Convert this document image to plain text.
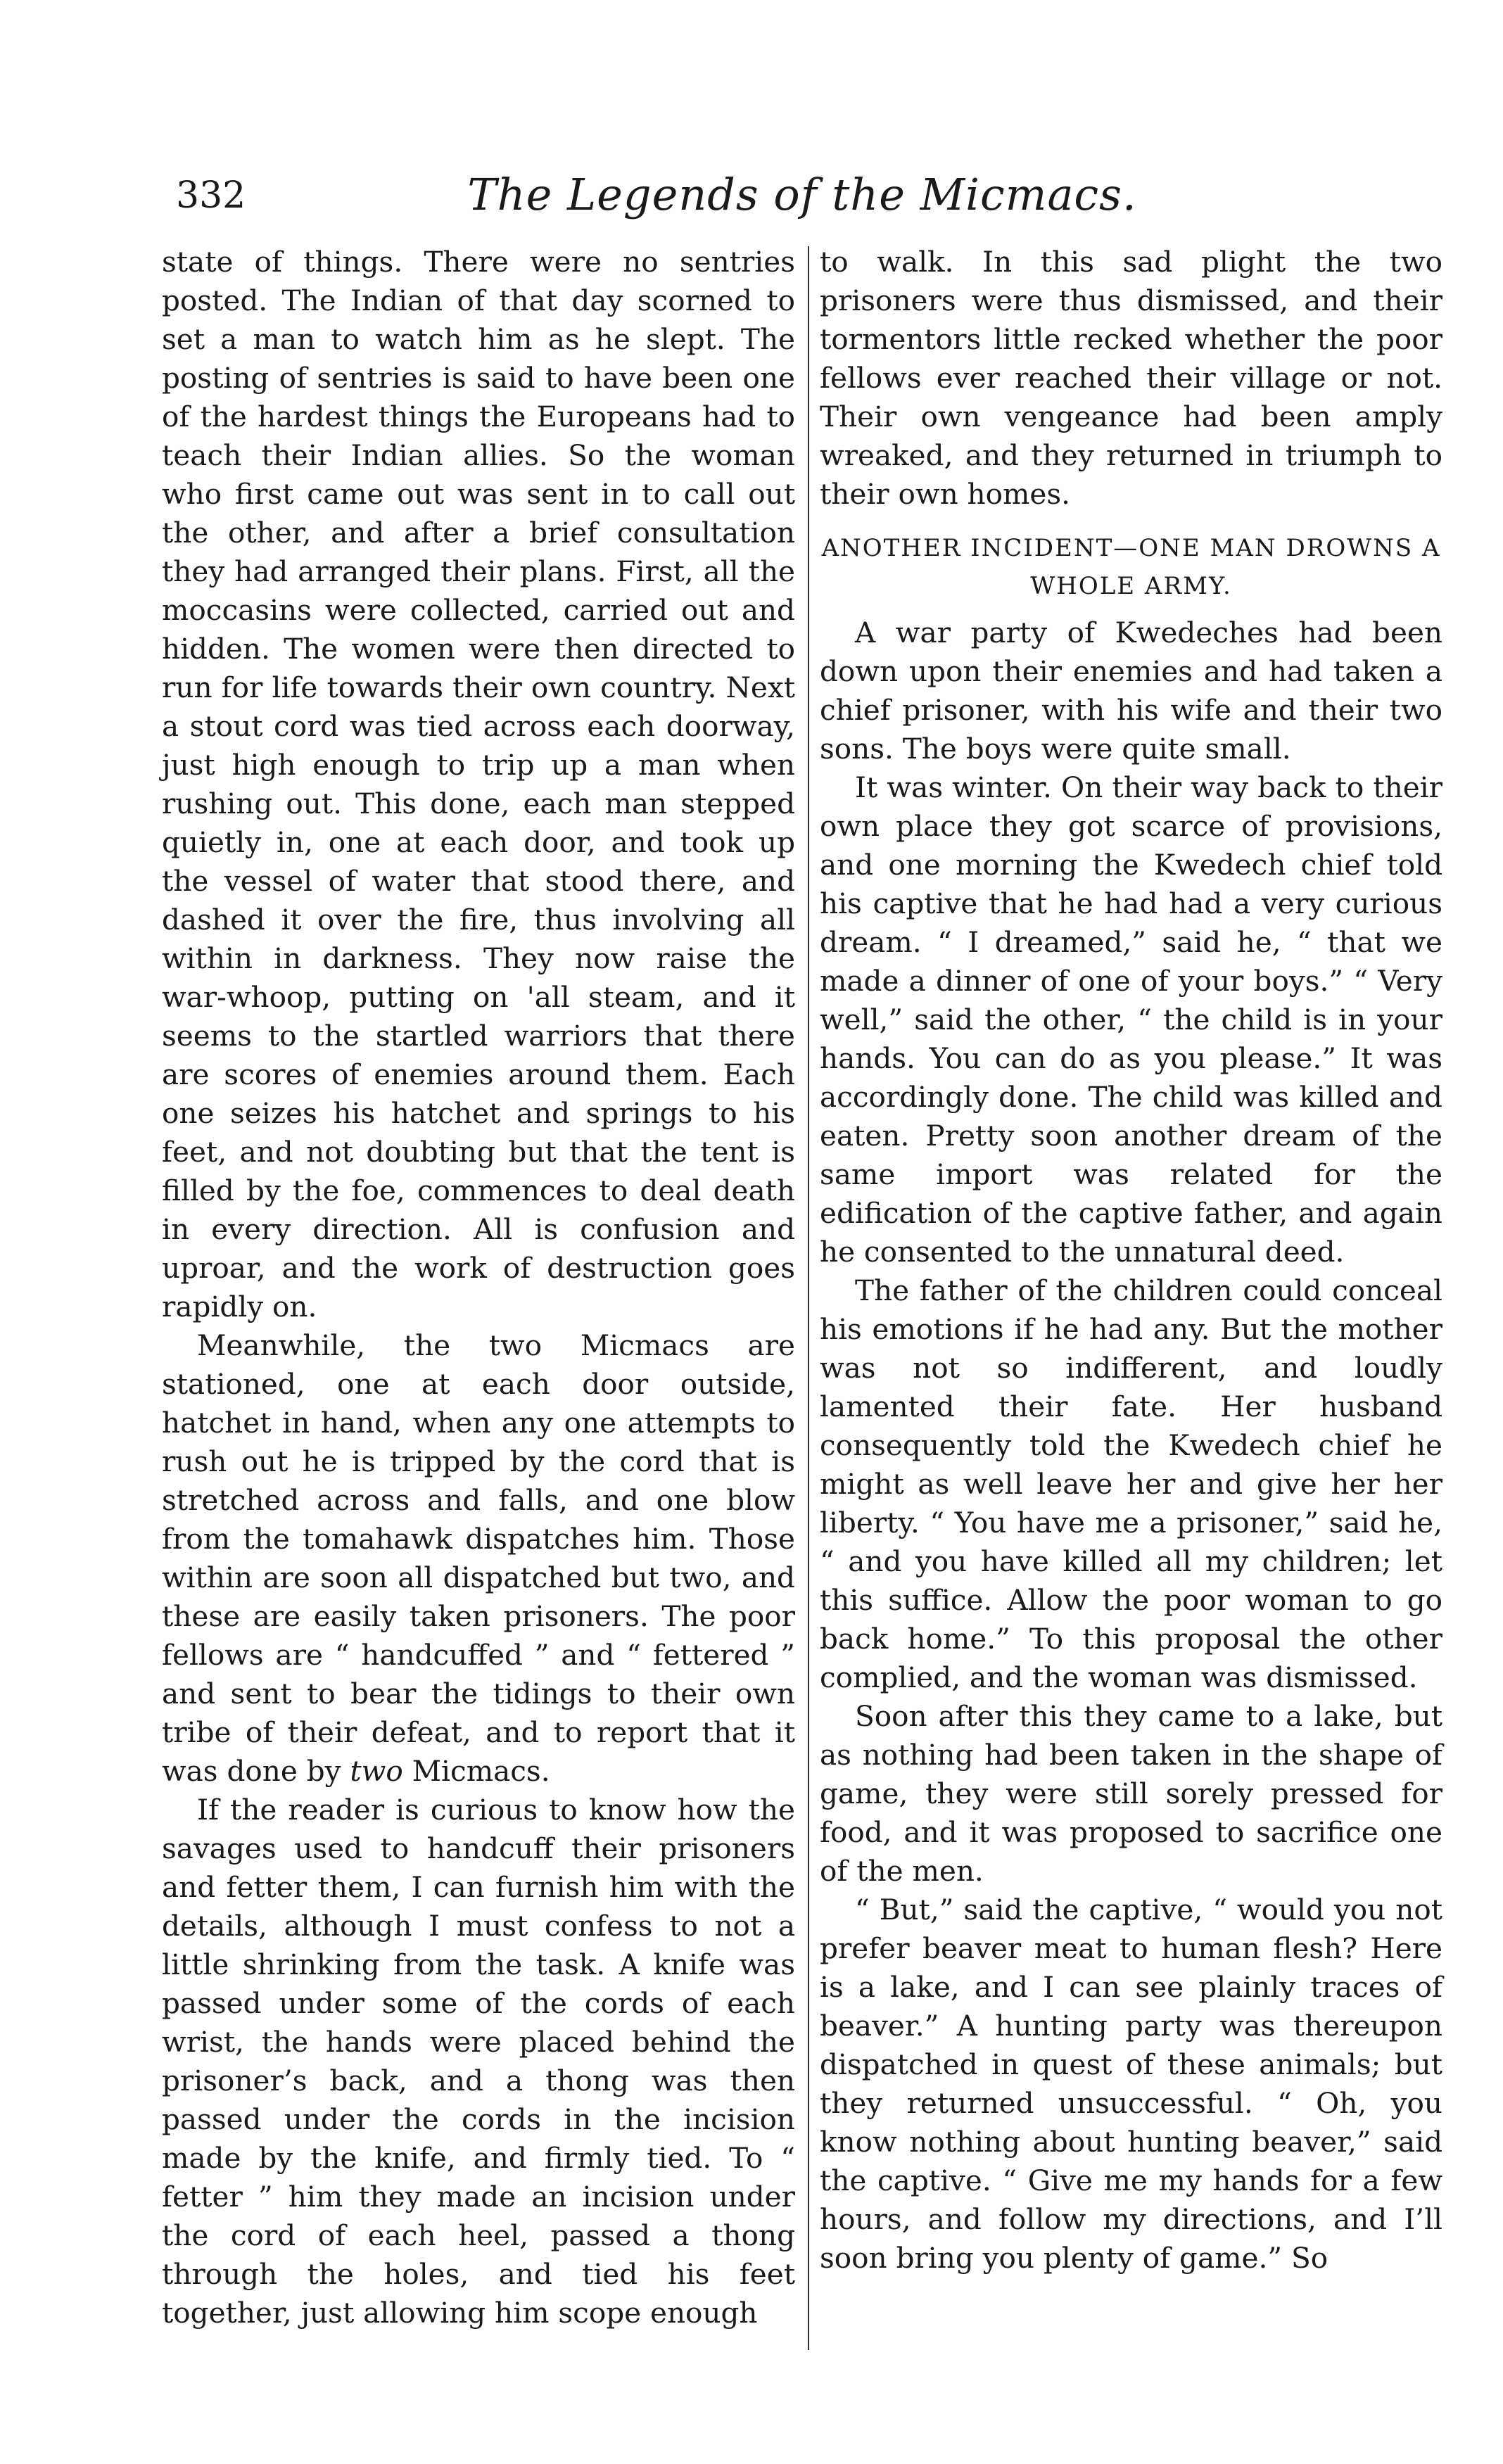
332	The Legends of the Micmacs.

state of things. There were no sentries posted. The Indian of that day scorned to set a man to watch him as he slept. The posting of sentries is said to have been one of the hardest things the Europeans had to teach their Indian allies. So the woman who first came out was sent in to call out the other, and after a brief consultation they had arranged their plans. First, all the moccasins were collected, carried out and hidden. The women were then directed to run for life towards their own country. Next a stout cord was tied across each doorway, just high enough to trip up a man when rushing out. This done, each man stepped quietly in, one at each door, and took up the vessel of water that stood there, and dashed it over the fire, thus involving all within in darkness. They now raise the war-whoop, putting on 'all steam, and it seems to the startled warriors that there are scores of enemies around them. Each one seizes his hatchet and springs to his feet, and not doubting but that the tent is filled by the foe, commences to deal death in every direction. All is confusion and uproar, and the work of destruction goes rapidly on.

Meanwhile, the two Micmacs are stationed, one at each door outside, hatchet in hand, when any one attempts to rush out he is tripped by the cord that is stretched across and falls, and one blow from the tomahawk dispatches him. Those within are soon all dispatched but two, and these are easily taken prisoners. The poor fellows are “ handcuffed ” and “ fettered ” and sent to bear the tidings to their own tribe of their defeat, and to report that it was done by two Micmacs.

If the reader is curious to know how the savages used to handcuff their prisoners and fetter them, I can furnish him with the details, although I must confess to not a little shrinking from the task. A knife was passed under some of the cords of each wrist, the hands were placed behind the prisoner’s back, and a thong was then passed under the cords in the incision made by the knife, and firmly tied. To “ fetter ” him they made an incision under the cord of each heel, passed a thong through the holes, and tied his feet together, just allowing him scope enough

to walk. In this sad plight the two prisoners were thus dismissed, and their tormentors little recked whether the poor fellows ever reached their village or not. Their own vengeance had been amply wreaked, and they returned in triumph to their own homes.

ANOTHER INCIDENT—ONE MAN DROWNS A WHOLE ARMY.

A war party of Kwedeches had been down upon their enemies and had taken a chief prisoner, with his wife and their two sons. The boys were quite small.

It was winter. On their way back to their own place they got scarce of provisions, and one morning the Kwedech chief told his captive that he had had a very curious dream. “ I dreamed,” said he, “ that we made a dinner of one of your boys.” “ Very well,” said the other, “ the child is in your hands. You can do as you please.” It was accordingly done. The child was killed and eaten. Pretty soon another dream of the same import was related for the edification of the captive father, and again he consented to the unnatural deed.

The father of the children could conceal his emotions if he had any. But the mother was not so indifferent, and loudly lamented their fate. Her husband consequently told the Kwedech chief he might as well leave her and give her her liberty. “ You have me a prisoner,” said he, “ and you have killed all my children; let this suffice. Allow the poor woman to go back home.” To this proposal the other complied, and the woman was dismissed.

Soon after this they came to a lake, but as nothing had been taken in the shape of game, they were still sorely pressed for food, and it was proposed to sacrifice one of the men.

“ But,” said the captive, “ would you not prefer beaver meat to human flesh? Here is a lake, and I can see plainly traces of beaver.” A hunting party was thereupon dispatched in quest of these animals; but they returned unsuccessful. “ Oh, you know nothing about hunting beaver,” said the captive. “ Give me my hands for a few hours, and follow my directions, and I’ll soon bring you plenty of game.” So
